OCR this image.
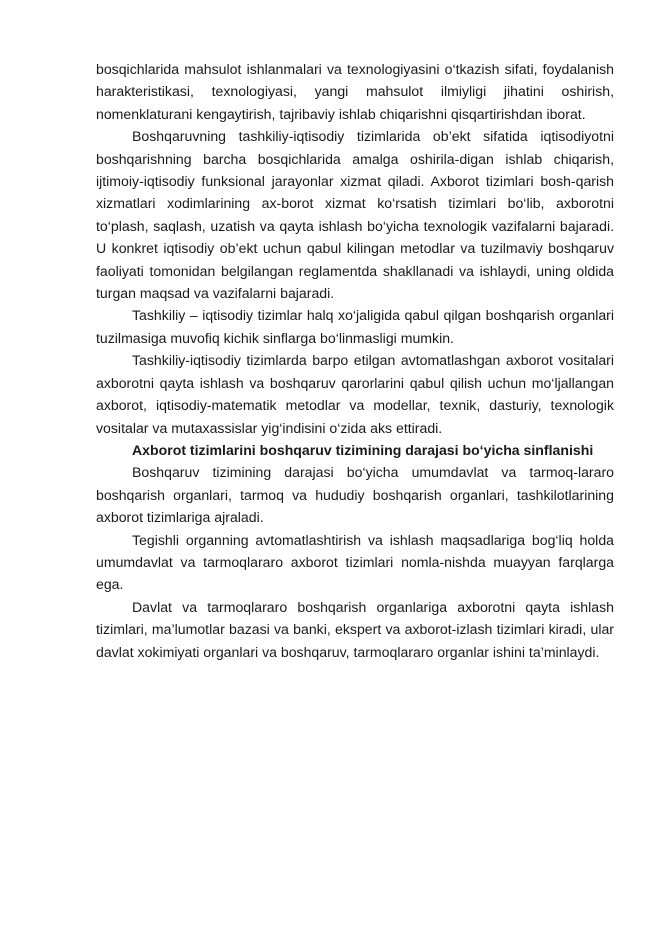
bosqichlarida mahsulot ishlanmalari va texnologiyasini o‘tkazish sifati, foydalanish harakteristikasi, texnologiyasi, yangi mahsulot ilmiyligi jihatini oshirish, nomenklaturani kengaytirish, tajribaviy ishlab chiqarishni qisqartirishdan iborat.

Boshqaruvning tashkiliy-iqtisodiy tizimlarida ob’ekt sifatida iqtisodiyotni boshqarishning barcha bosqichlarida amalga oshirila-digan ishlab chiqarish, ijtimoiy-iqtisodiy funksional jarayonlar xizmat qiladi. Axborot tizimlari bosh-qarish xizmatlari xodimlarining ax-borot xizmat ko‘rsatish tizimlari bo‘lib, axborotni to‘plash, saqlash, uzatish va qayta ishlash bo‘yicha texnologik vazifalarni bajaradi. U konkret iqtisodiy ob’ekt uchun qabul kilingan metodlar va tuzilmaviy boshqaruv faoliyati tomonidan belgilangan reglamentda shakllanadi va ishlaydi, uning oldida turgan maqsad va vazifalarni bajaradi.

Tashkiliy – iqtisodiy tizimlar halq xo‘jaligida qabul qilgan boshqarish organlari tuzilmasiga muvofiq kichik sinflarga bo‘linmasligi mumkin.

Tashkiliy-iqtisodiy tizimlarda barpo etilgan avtomatlashgan axborot vositalari axborotni qayta ishlash va boshqaruv qarorlarini qabul qilish uchun mo‘ljallangan axborot, iqtisodiy-matematik metodlar va modellar, texnik, dasturiy, texnologik vositalar va mutaxassislar yig‘indisini o‘zida aks ettiradi.

Axborot tizimlarini boshqaruv tizimining darajasi bo‘yicha sinflanishi

Boshqaruv tizimining darajasi bo‘yicha umumdavlat va tarmoq-lararo boshqarish organlari, tarmoq va hududiy boshqarish organlari, tashkilotlarining axborot tizimlariga ajraladi.

Tegishli organning avtomatlashtirish va ishlash maqsadlariga bog‘liq holda umumdavlat va tarmoqlararo axborot tizimlari nomla-nishda muayyan farqlarga ega.

Davlat va tarmoqlararo boshqarish organlariga axborotni qayta ishlash tizimlari, ma’lumotlar bazasi va banki, ekspert va axborot-izlash tizimlari kiradi, ular davlat xokimiyati organlari va boshqaruv, tarmoqlararo organlar ishini ta’minlaydi.
